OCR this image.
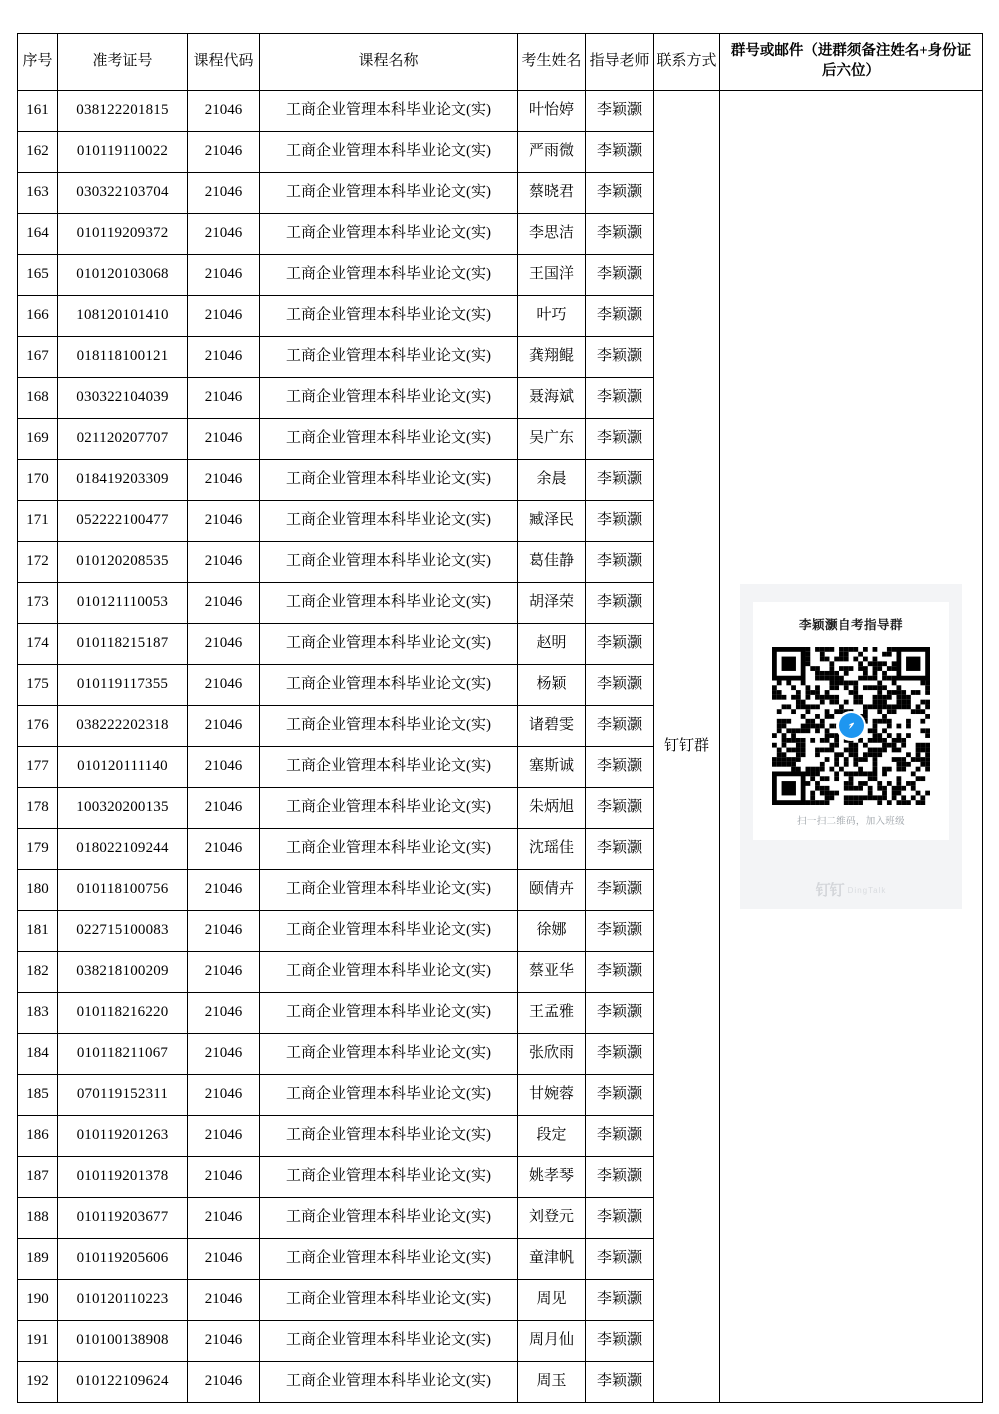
序号	准考证号	课程代码	课程名称	考生姓名	指导老师	联系方式	群号或邮件（进群须备注姓名+身份证后六位）
161	038122201815	21046	工商企业管理本科毕业论文(实)	叶怡婷	李颖灏	钉钉群	李颖灏自考指导群
扫一扫二维码，加入班级
钉钉 DingTalk

162	010119110022	21046	工商企业管理本科毕业论文(实)	严雨微	李颖灏		
163	030322103704	21046	工商企业管理本科毕业论文(实)	蔡晓君	李颖灏		
164	010119209372	21046	工商企业管理本科毕业论文(实)	李思洁	李颖灏		
165	010120103068	21046	工商企业管理本科毕业论文(实)	王国洋	李颖灏		
166	108120101410	21046	工商企业管理本科毕业论文(实)	叶巧	李颖灏		
167	018118100121	21046	工商企业管理本科毕业论文(实)	龚翔鲲	李颖灏		
168	030322104039	21046	工商企业管理本科毕业论文(实)	聂海斌	李颖灏		
169	021120207707	21046	工商企业管理本科毕业论文(实)	吴广东	李颖灏		
170	018419203309	21046	工商企业管理本科毕业论文(实)	余晨	李颖灏		
171	052222100477	21046	工商企业管理本科毕业论文(实)	臧泽民	李颖灏		
172	010120208535	21046	工商企业管理本科毕业论文(实)	葛佳静	李颖灏		
173	010121110053	21046	工商企业管理本科毕业论文(实)	胡泽荣	李颖灏		
174	010118215187	21046	工商企业管理本科毕业论文(实)	赵明	李颖灏		
175	010119117355	21046	工商企业管理本科毕业论文(实)	杨颖	李颖灏		
176	038222202318	21046	工商企业管理本科毕业论文(实)	诸碧雯	李颖灏		
177	010120111140	21046	工商企业管理本科毕业论文(实)	塞斯诚	李颖灏		
178	100320200135	21046	工商企业管理本科毕业论文(实)	朱炳旭	李颖灏		
179	018022109244	21046	工商企业管理本科毕业论文(实)	沈瑶佳	李颖灏		
180	010118100756	21046	工商企业管理本科毕业论文(实)	颐倩卉	李颖灏		
181	022715100083	21046	工商企业管理本科毕业论文(实)	徐娜	李颖灏		
182	038218100209	21046	工商企业管理本科毕业论文(实)	蔡亚华	李颖灏		
183	010118216220	21046	工商企业管理本科毕业论文(实)	王孟雅	李颖灏		
184	010118211067	21046	工商企业管理本科毕业论文(实)	张欣雨	李颖灏		
185	070119152311	21046	工商企业管理本科毕业论文(实)	甘婉蓉	李颖灏		
186	010119201263	21046	工商企业管理本科毕业论文(实)	段定	李颖灏		
187	010119201378	21046	工商企业管理本科毕业论文(实)	姚孝琴	李颖灏		
188	010119203677	21046	工商企业管理本科毕业论文(实)	刘登元	李颖灏		
189	010119205606	21046	工商企业管理本科毕业论文(实)	童津帆	李颖灏		
190	010120110223	21046	工商企业管理本科毕业论文(实)	周见	李颖灏		
191	010100138908	21046	工商企业管理本科毕业论文(实)	周月仙	李颖灏		
192	010122109624	21046	工商企业管理本科毕业论文(实)	周玉	李颖灏		
